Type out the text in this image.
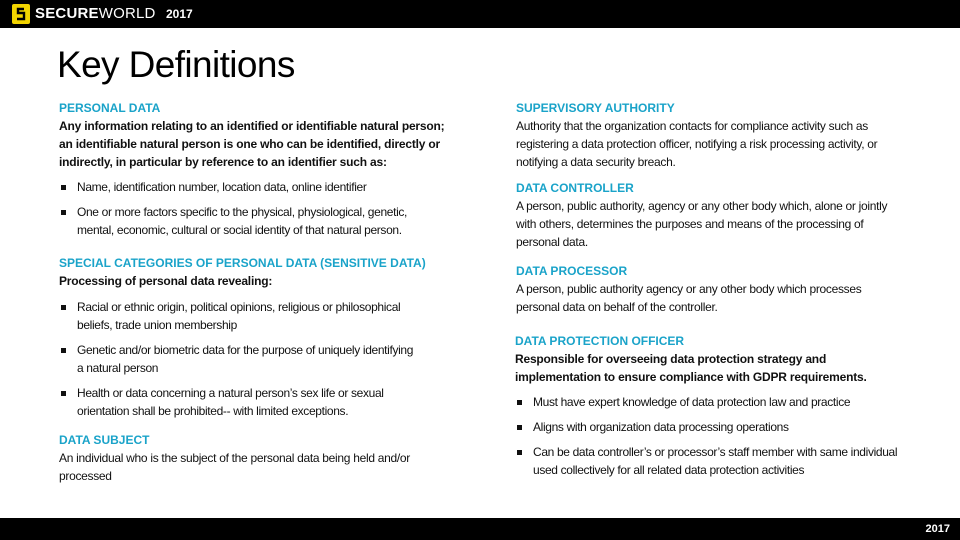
SECUREWORLD 2017
Key Definitions
PERSONAL DATA
Any information relating to an identified or identifiable natural person;
an identifiable natural person is one who can be identified, directly or
indirectly, in particular by reference to an identifier such as:
Name, identification number, location data, online identifier
One or more factors specific to the physical, physiological, genetic,
mental, economic, cultural or social identity of that natural person.
SPECIAL CATEGORIES OF PERSONAL DATA (SENSITIVE DATA)
Processing of personal data revealing:
Racial or ethnic origin, political opinions, religious or philosophical
beliefs, trade union membership
Genetic and/or biometric data for the purpose of uniquely identifying
a natural person
Health or data concerning a natural person’s sex life or sexual
orientation shall be prohibited-- with limited exceptions.
DATA SUBJECT
An individual who is the subject of the personal data being held and/or
processed
SUPERVISORY AUTHORITY
Authority that the organization contacts for compliance activity such as
registering a data protection officer, notifying a risk processing activity, or
notifying a data security breach.
DATA CONTROLLER
A person, public authority, agency or any other body which, alone or jointly
with others, determines the purposes and means of the processing of
personal data.
DATA PROCESSOR
A person, public authority agency or any other body which processes
personal data on behalf of the controller.
DATA PROTECTION OFFICER
Responsible for overseeing data protection strategy and
implementation to ensure compliance with GDPR requirements.
Must have expert knowledge of data protection law and practice
Aligns with organization data processing operations
Can be data controller’s or processor’s staff member with same individual
used collectively for all related data protection activities
2017
